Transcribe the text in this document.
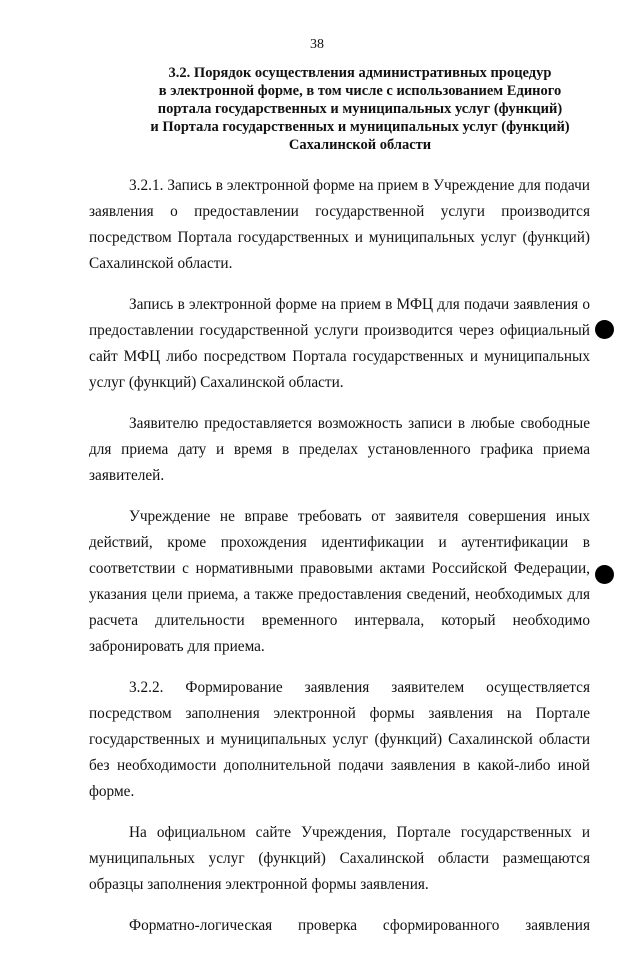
38
3.2. Порядок осуществления административных процедур
в электронной форме, в том числе с использованием Единого
портала государственных и муниципальных услуг (функций)
и Портала государственных и муниципальных услуг (функций)
Сахалинской области

3.2.1. Запись в электронной форме на прием в Учреждение для подачи
заявления о предоставлении государственной услуги производится
посредством Портала государственных и муниципальных услуг (функций)
Сахалинской области.

Запись в электронной форме на прием в МФЦ для подачи заявления о
предоставлении государственной услуги производится через официальный
сайт МФЦ либо посредством Портала государственных и муниципальных
услуг (функций) Сахалинской области.

Заявителю предоставляется возможность записи в любые свободные
для приема дату и время в пределах установленного графика приема
заявителей.

Учреждение не вправе требовать от заявителя совершения иных
действий, кроме прохождения идентификации и аутентификации в
соответствии с нормативными правовыми актами Российской Федерации,
указания цели приема, а также предоставления сведений, необходимых для
расчета длительности временного интервала, который необходимо
забронировать для приема.

3.2.2. Формирование заявления заявителем осуществляется
посредством заполнения электронной формы заявления на Портале
государственных и муниципальных услуг (функций) Сахалинской области
без необходимости дополнительной подачи заявления в какой-либо иной
форме.

На официальном сайте Учреждения, Портале государственных и
муниципальных услуг (функций) Сахалинской области размещаются
образцы заполнения электронной формы заявления.

Форматно-логическая проверка сформированного заявления
